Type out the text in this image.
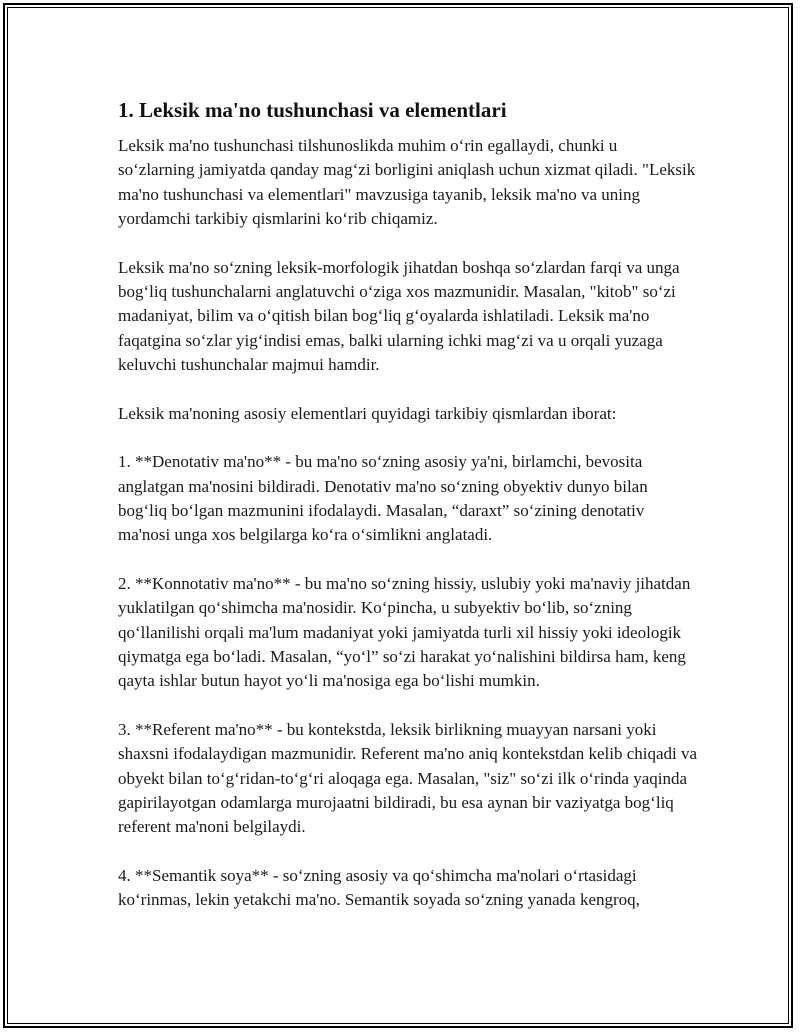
1. Leksik ma'no tushunchasi va elementlari

Leksik ma'no tushunchasi tilshunoslikda muhim o‘rin egallaydi, chunki u so‘zlarning jamiyatda qanday mag‘zi borligini aniqlash uchun xizmat qiladi. "Leksik ma'no tushunchasi va elementlari" mavzusiga tayanib, leksik ma'no va uning yordamchi tarkibiy qismlarini ko‘rib chiqamiz.

Leksik ma'no so‘zning leksik-morfologik jihatdan boshqa so‘zlardan farqi va unga bog‘liq tushunchalarni anglatuvchi o‘ziga xos mazmunidir. Masalan, "kitob" so‘zi madaniyat, bilim va o‘qitish bilan bog‘liq g‘oyalarda ishlatiladi. Leksik ma'no faqatgina so‘zlar yig‘indisi emas, balki ularning ichki mag‘zi va u orqali yuzaga keluvchi tushunchalar majmui hamdir.

Leksik ma'noning asosiy elementlari quyidagi tarkibiy qismlardan iborat:

1. **Denotativ ma'no** - bu ma'no so‘zning asosiy ya'ni, birlamchi, bevosita anglatgan ma'nosini bildiradi. Denotativ ma'no so‘zning obyektiv dunyo bilan bog‘liq bo‘lgan mazmunini ifodalaydi. Masalan, “daraxt” so‘zining denotativ ma'nosi unga xos belgilarga ko‘ra o‘simlikni anglatadi.

2. **Konnotativ ma'no** - bu ma'no so‘zning hissiy, uslubiy yoki ma'naviy jihatdan yuklatilgan qo‘shimcha ma'nosidir. Ko‘pincha, u subyektiv bo‘lib, so‘zning qo‘llanilishi orqali ma'lum madaniyat yoki jamiyatda turli xil hissiy yoki ideologik qiymatga ega bo‘ladi. Masalan, “yo‘l” so‘zi harakat yo‘nalishini bildirsa ham, keng qayta ishlar butun hayot yo‘li ma'nosiga ega bo‘lishi mumkin.

3. **Referent ma'no** - bu kontekstda, leksik birlikning muayyan narsani yoki shaxsni ifodalaydigan mazmunidir. Referent ma'no aniq kontekstdan kelib chiqadi va obyekt bilan to‘g‘ridan-to‘g‘ri aloqaga ega. Masalan, "siz" so‘zi ilk o‘rinda yaqinda gapirilayotgan odamlarga murojaatni bildiradi, bu esa aynan bir vaziyatga bog‘liq referent ma'noni belgilaydi.

4. **Semantik soya** - so‘zning asosiy va qo‘shimcha ma'nolari o‘rtasidagi ko‘rinmas, lekin yetakchi ma'no. Semantik soyada so‘zning yanada kengroq,
